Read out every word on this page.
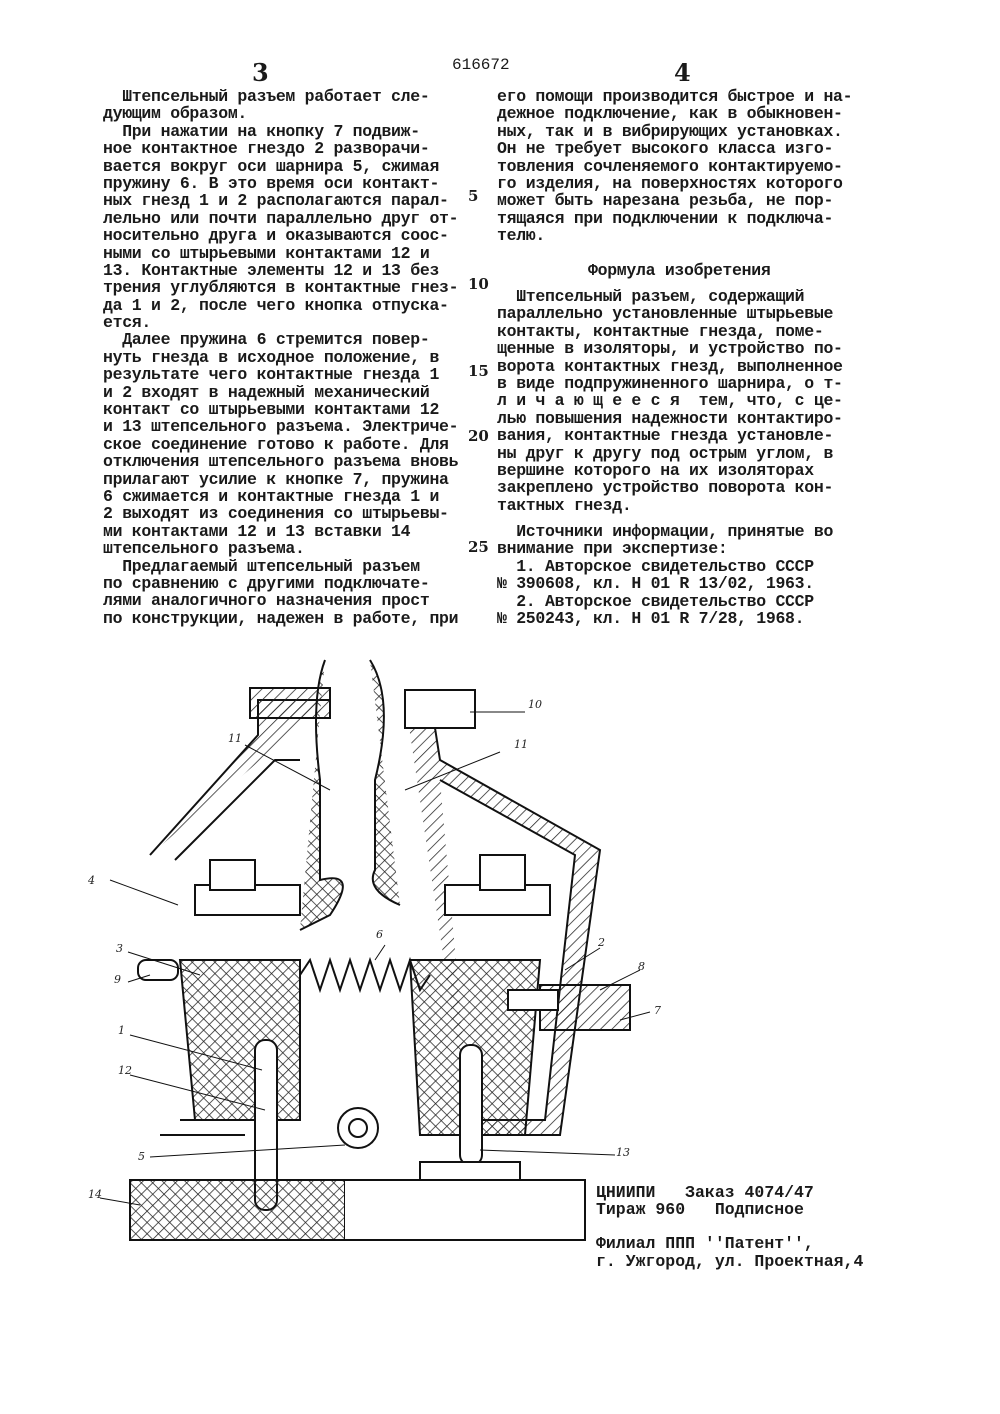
3	616672	4
Штепсельный разъем работает сле-
дующим образом.
При нажатии на кнопку 7 подвиж-
ное контактное гнездо 2 разворачи-
вается вокруг оси шарнира 5, сжимая
пружину 6. В это время оси контакт-
ных гнезд 1 и 2 располагаются парал-
лельно или почти параллельно друг от-
носительно друга и оказываются соос-
ными со штырьевыми контактами 12 и
13. Контактные элементы 12 и 13 без
трения углубляются в контактные гнез-
да 1 и 2, после чего кнопка отпуска-
ется.
Далее пружина 6 стремится повер-
нуть гнезда в исходное положение, в
результате чего контактные гнезда 1
и 2 входят в надежный механический
контакт со штырьевыми контактами 12
и 13 штепсельного разъема. Электриче-
ское соединение готово к работе. Для
отключения штепсельного разъема вновь
прилагают усилие к кнопке 7, пружина
6 сжимается и контактные гнезда 1 и
2 выходят из соединения со штырьевы-
ми контактами 12 и 13 вставки 14
штепсельного разъема.
Предлагаемый штепсельный разъем
по сравнению с другими подключате-
лями аналогичного назначения прост
по конструкции, надежен в работе, при
5
10
15
20
25
его помощи производится быстрое и на-
дежное подключение, как в обыкновен-
ных, так и в вибрирующих установках.
Он не требует высокого класса изго-
товления сочленяемого контактируемо-
го изделия, на поверхностях которого
может быть нарезана резьба, не пор-
тящаяся при подключении к подключа-
телю.
Формула изобретения
Штепсельный разъем, содержащий
параллельно установленные штырьевые
контакты, контактные гнезда, поме-
щенные в изоляторы, и устройство по-
ворота контактных гнезд, выполненное
в виде подпружиненного шарнира, о т-
л и ч а ю щ е е с я  тем, что, с це-
лью повышения надежности контактиро-
вания, контактные гнезда установле-
ны друг к другу под острым углом, в
вершине которого на их изоляторах
закреплено устройство поворота кон-
тактных гнезд.
Источники информации, принятые во
внимание при экспертизе:
1. Авторское свидетельство СССР
№ 390608, кл. H 01 R 13/02, 1963.
2. Авторское свидетельство СССР
№ 250243, кл. H 01 R 7/28, 1968.
10
11	11
4
6
3
9
2
8
7
1
12
5	13
14	ЦНИИПИ   Заказ 4074/47
Тираж 960   Подписное
Филиал ППП ''Патент'',
г. Ужгород, ул. Проектная,4
